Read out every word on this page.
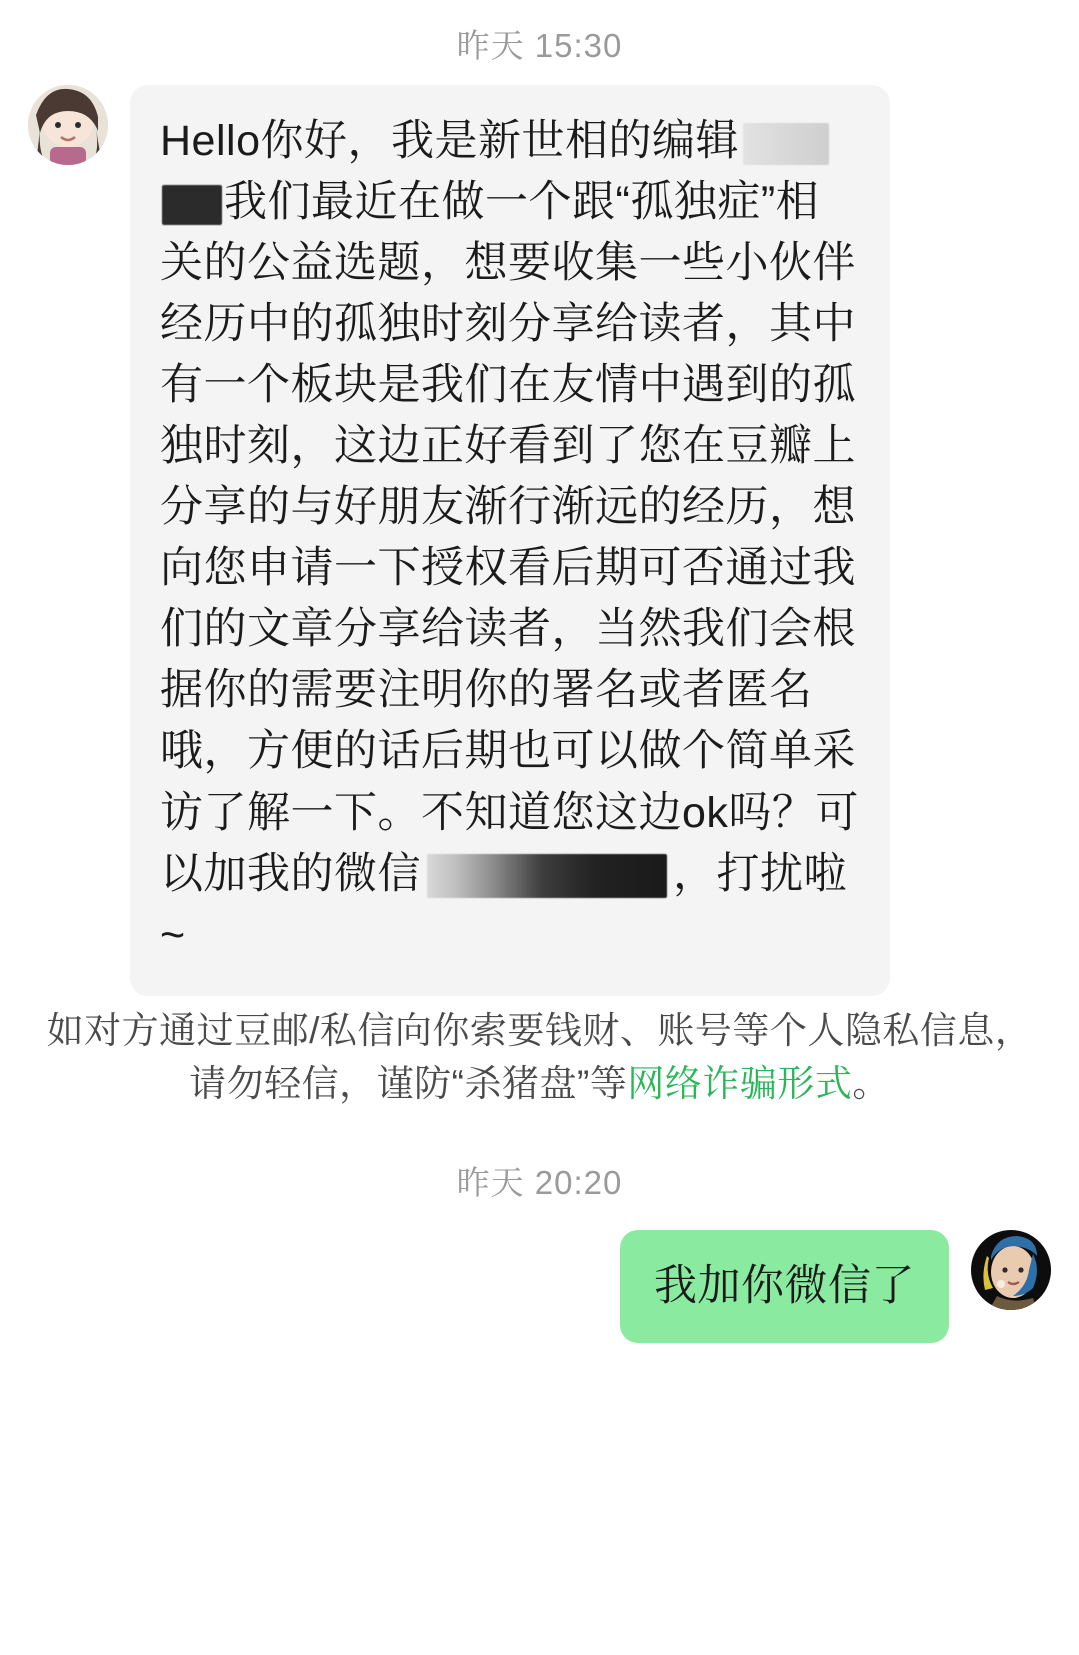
昨天 15:30
Hello你好，我是新世相的编辑我们最近在做一个跟“孤独症”相关的公益选题，想要收集一些小伙伴经历中的孤独时刻分享给读者，其中有一个板块是我们在友情中遇到的孤独时刻，这边正好看到了您在豆瓣上分享的与好朋友渐行渐远的经历，想向您申请一下授权看后期可否通过我们的文章分享给读者，当然我们会根据你的需要注明你的署名或者匿名哦，方便的话后期也可以做个简单采访了解一下。不知道您这边ok吗？可以加我的微信	，打扰啦~
如对方通过豆邮/私信向你索要钱财、账号等个人隐私信息，请勿轻信，谨防“杀猪盘”等网络诈骗形式。
昨天 20:20
我加你微信了
